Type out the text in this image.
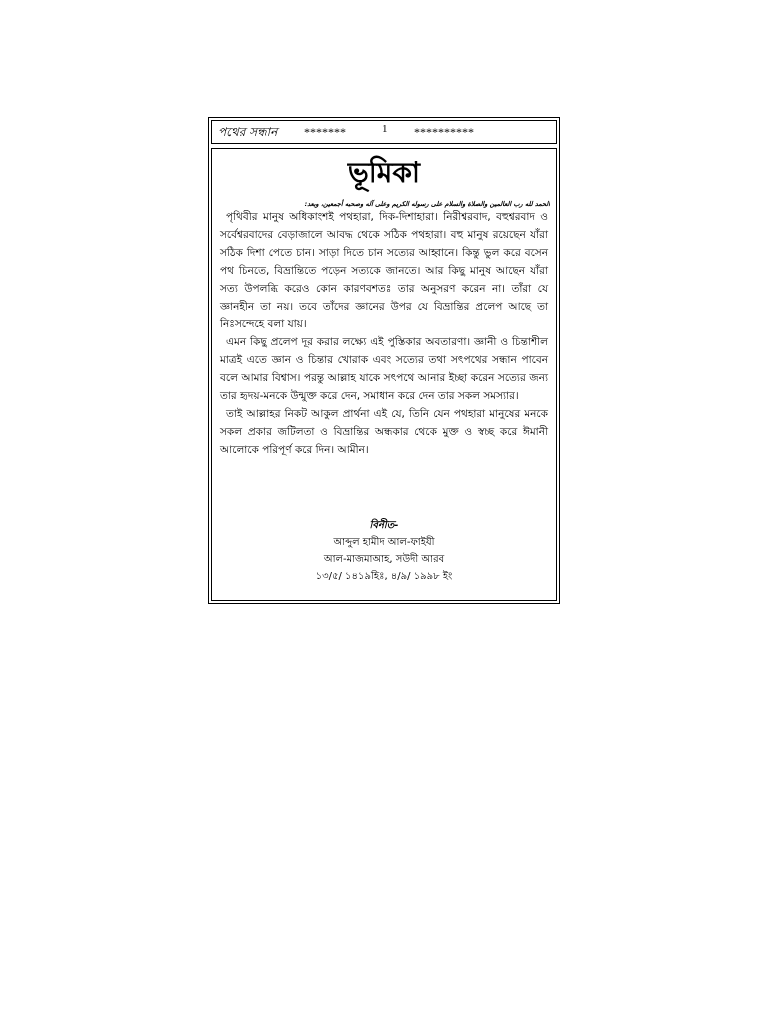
পথের সন্ধান *******	1 **********
ভূমিকা
الحمد لله رب العالمين والصلاة والسلام على رسوله الكريم وعلى آله وصحبه أجمعين، وبعد:

পৃথিবীর মানুষ অধিকাংশই পথহারা, দিক-দিশাহারা। নিরীশ্বরবাদ, বহুশ্বরবাদ ও সর্বেশ্বরবাদের বেড়াজালে আবদ্ধ থেকে সঠিক পথহারা। বহু মানুষ রয়েছেন যাঁরা সঠিক দিশা পেতে চান। সাড়া দিতে চান সত্যের আহ্বানে। কিন্তু ভুল করে বসেন পথ চিনতে, বিভ্রান্তিতে পড়েন সত্যকে জানতে। আর কিছু মানুষ আছেন যাঁরা সত্য উপলব্ধি করেও কোন কারণবশতঃ তার অনুসরণ করেন না। তাঁরা যে জ্ঞানহীন তা নয়। তবে তাঁদের জ্ঞানের উপর যে বিভ্রান্তির প্রলেপ আছে তা নিঃসন্দেহে বলা যায়।

এমন কিছু প্রলেপ দূর করার লক্ষ্যে এই পুস্তিকার অবতারণা। জ্ঞানী ও চিন্তাশীল মাত্রই এতে জ্ঞান ও চিন্তার খোরাক এবং সত্যের তথা সৎপথের সন্ধান পাবেন বলে আমার বিশ্বাস। পরন্তু আল্লাহ যাকে সৎপথে আনার ইচ্ছা করেন সত্যের জন্য তার হৃদয়-মনকে উন্মুক্ত করে দেন, সমাধান করে দেন তার সকল সমস্যার।

তাই আল্লাহর নিকট আকুল প্রার্থনা এই যে, তিনি যেন পথহারা মানুষের মনকে সকল প্রকার জটিলতা ও বিভ্রান্তির অন্ধকার থেকে মুক্ত ও স্বচ্ছ করে ঈমানী আলোকে পরিপূর্ণ করে দিন। আমীন।

বিনীত-
আব্দুল হামীদ আল-ফাইযী
আল-মাজমাআহ, সউদী আরব
১৩/৫/ ১৪১৯হিঃ, ৪/৯/ ১৯৯৮ ইং
